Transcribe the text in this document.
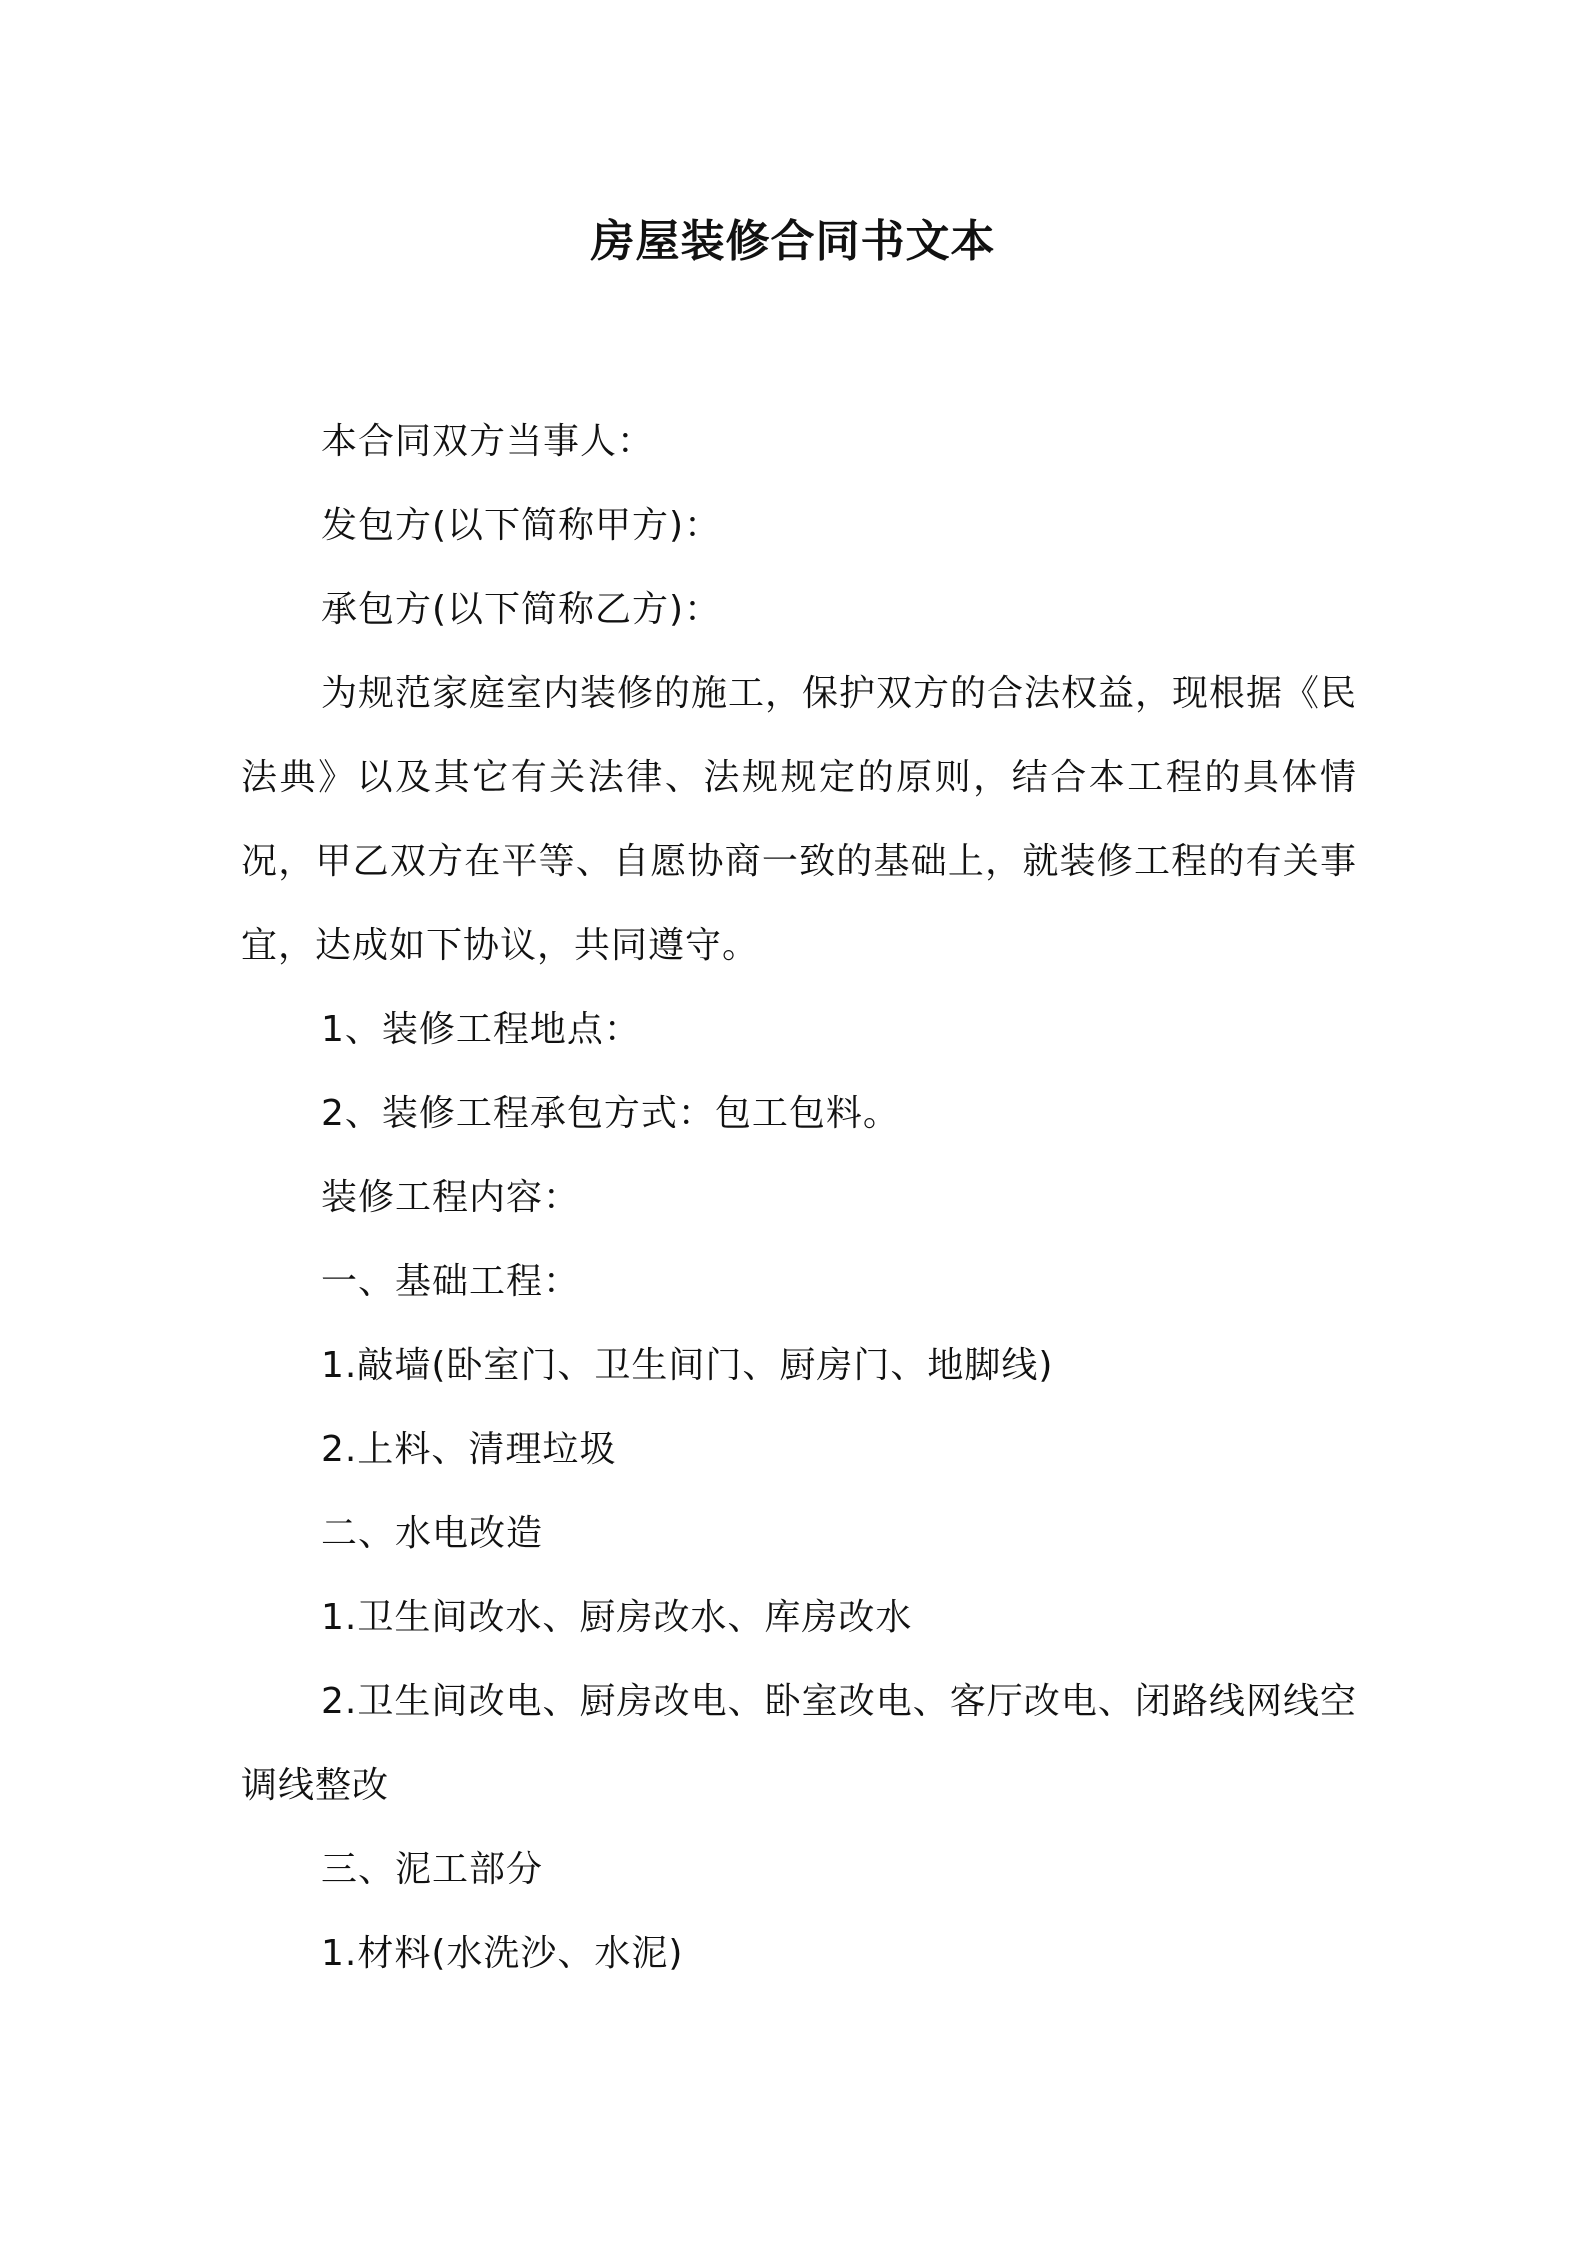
房屋装修合同书文本

本合同双方当事人：

发包方(以下简称甲方)：

承包方(以下简称乙方)：

为规范家庭室内装修的施工，保护双方的合法权益，现根据《民法典》以及其它有关法律、法规规定的原则，结合本工程的具体情况，甲乙双方在平等、自愿协商一致的基础上，就装修工程的有关事宜，达成如下协议，共同遵守。

1、装修工程地点：

2、装修工程承包方式：包工包料。

装修工程内容：

一、基础工程：

1.敲墙(卧室门、卫生间门、厨房门、地脚线)

2.上料、清理垃圾

二、水电改造

1.卫生间改水、厨房改水、库房改水

2.卫生间改电、厨房改电、卧室改电、客厅改电、闭路线网线空调线整改

三、泥工部分

1.材料(水洗沙、水泥)
